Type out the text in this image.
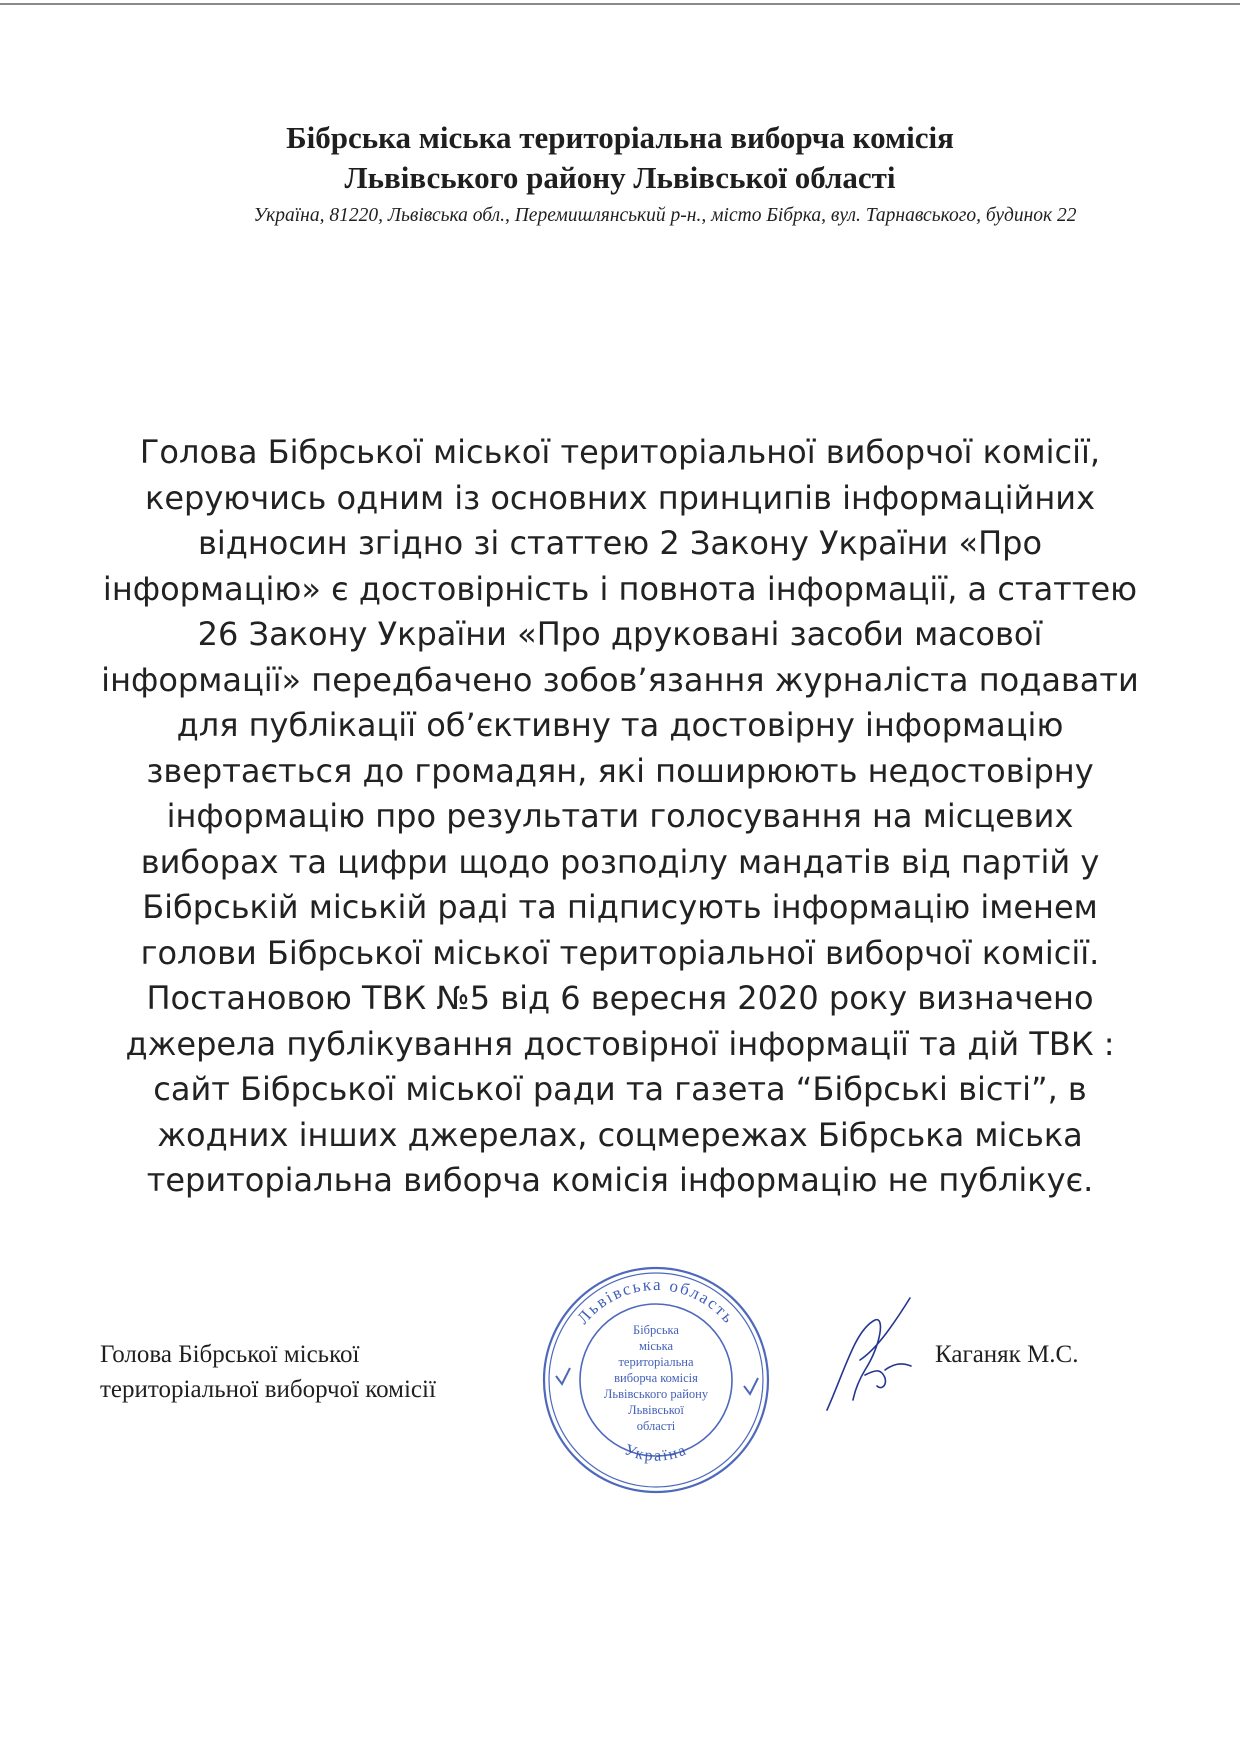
Бібрська міська територіальна виборча комісія
Львівського району Львівської області
Україна, 81220, Львівська обл., Перемишлянський р-н., місто Бібрка, вул. Тарнавського, будинок 22

Голова Бібрської міської територіальної виборчої комісії, керуючись одним із основних принципів інформаційних відносин згідно зі статтею 2 Закону України «Про інформацію» є достовірність і повнота інформації, а статтею 26 Закону України «Про друковані засоби масової інформації» передбачено зобов’язання журналіста подавати для публікації об’єктивну та достовірну інформацію звертається до громадян, які поширюють недостовірну інформацію про результати голосування на місцевих виборах та цифри щодо розподілу мандатів від партій у Бібрській міській раді та підписують інформацію іменем голови Бібрської міської територіальної виборчої комісії.

Постановою ТВК №5 від 6 вересня 2020 року визначено джерела публікування достовірної інформації та дій ТВК : сайт Бібрської міської ради та газета “Бібрські вісті”, в жодних інших джерелах, соцмережах Бібрська міська територіальна виборча комісія інформацію не публікує.

Голова Бібрської міської
територіальної виборчої комісії
Львівська область
Україна
Бібрська
міська
територіальна
виборча комісія
Львівського району
Львівської
області
Каганяк М.С.
